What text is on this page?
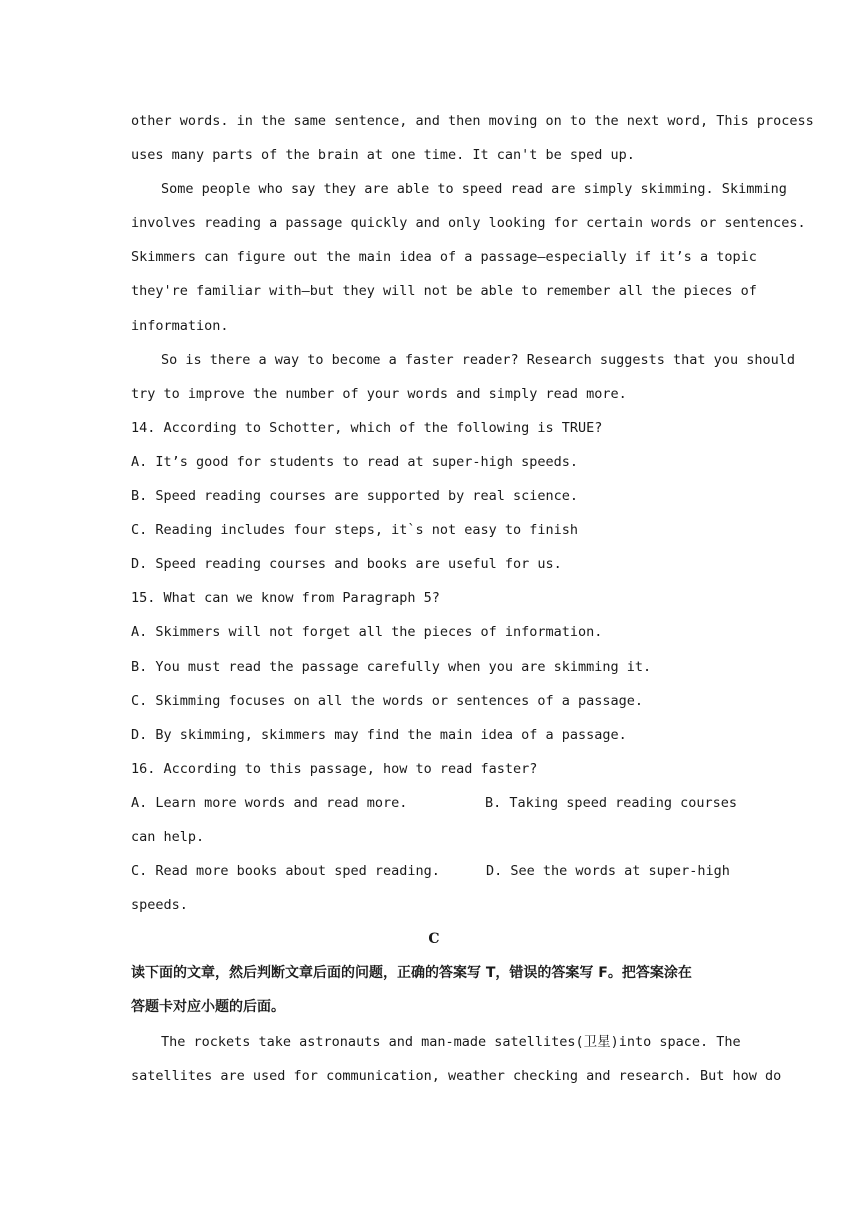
other words. in the same sentence, and then moving on to the next word, This process
uses many parts of the brain at one time. It can't be sped up.
Some people who say they are able to speed read are simply skimming. Skimming
involves reading a passage quickly and only looking for certain words or sentences.
Skimmers can figure out the main idea of a passage—especially if it’s a topic
they're familiar with—but they will not be able to remember all the pieces of
information.
So is there a way to become a faster reader? Research suggests that you should
try to improve the number of your words and simply read more.
14. According to Schotter, which of the following is TRUE?
A. It’s good for students to read at super-high speeds.
B. Speed reading courses are supported by real science.
C. Reading includes four steps, it`s not easy to finish
D. Speed reading courses and books are useful for us.
15. What can we know from Paragraph 5?
A. Skimmers will not forget all the pieces of information.
B. You must read the passage carefully when you are skimming it.
C. Skimming focuses on all the words or sentences of a passage.
D. By skimming, skimmers may find the main idea of a passage.
16. According to this passage, how to read faster?
A. Learn more words and read more.	B. Taking speed reading courses
can help.
C. Read more books about sped reading.	D. See the words at super-high
speeds.
C
读下面的文章，然后判断文章后面的问题，正确的答案写 T，错误的答案写 F。把答案涂在
答题卡对应小题的后面。
The rockets take astronauts and man-made satellites(卫星)into space. The
satellites are used for communication, weather checking and research. But how do
